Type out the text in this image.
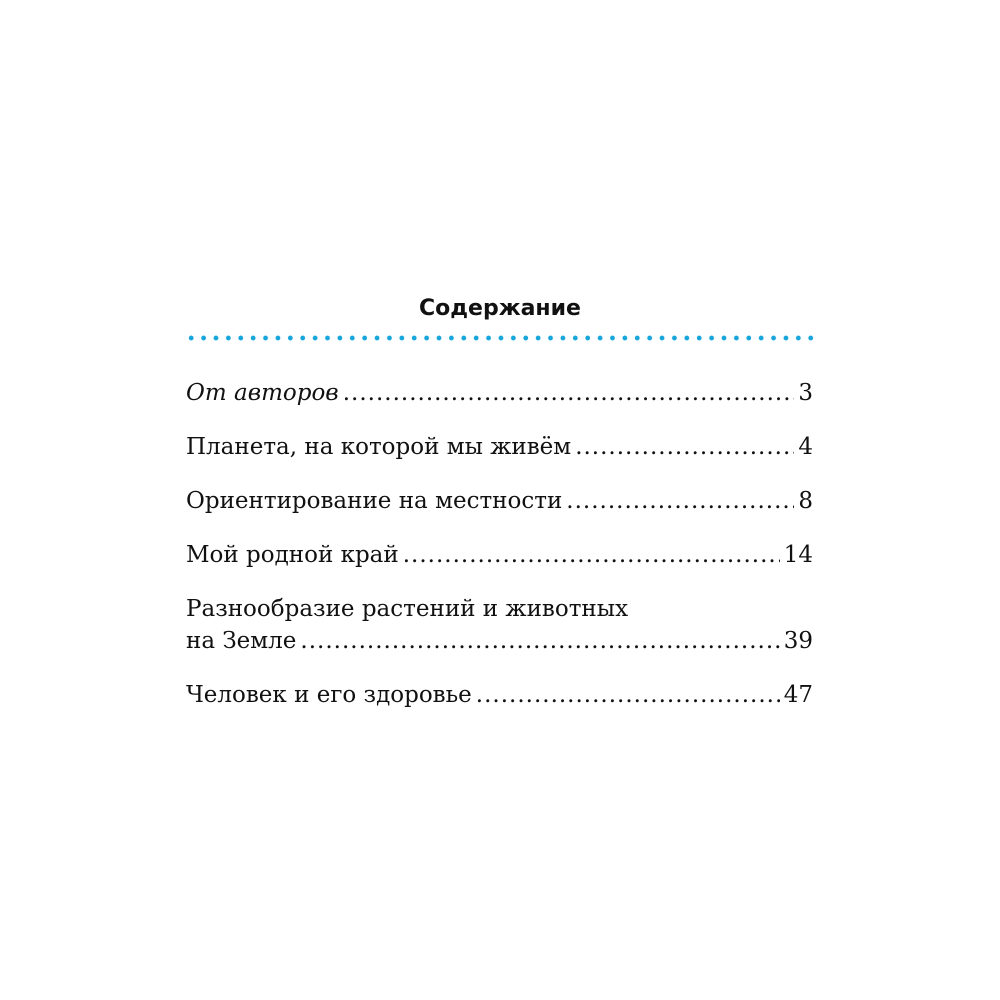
Содержание
От авторов .....	3
Планета, на которой мы живём .....	4
Ориентирование на местности .....	8
Мой родной край .....	14
Разнообразие растений и животных
на Земле .....	39
Человек и его здоровье .....	47
